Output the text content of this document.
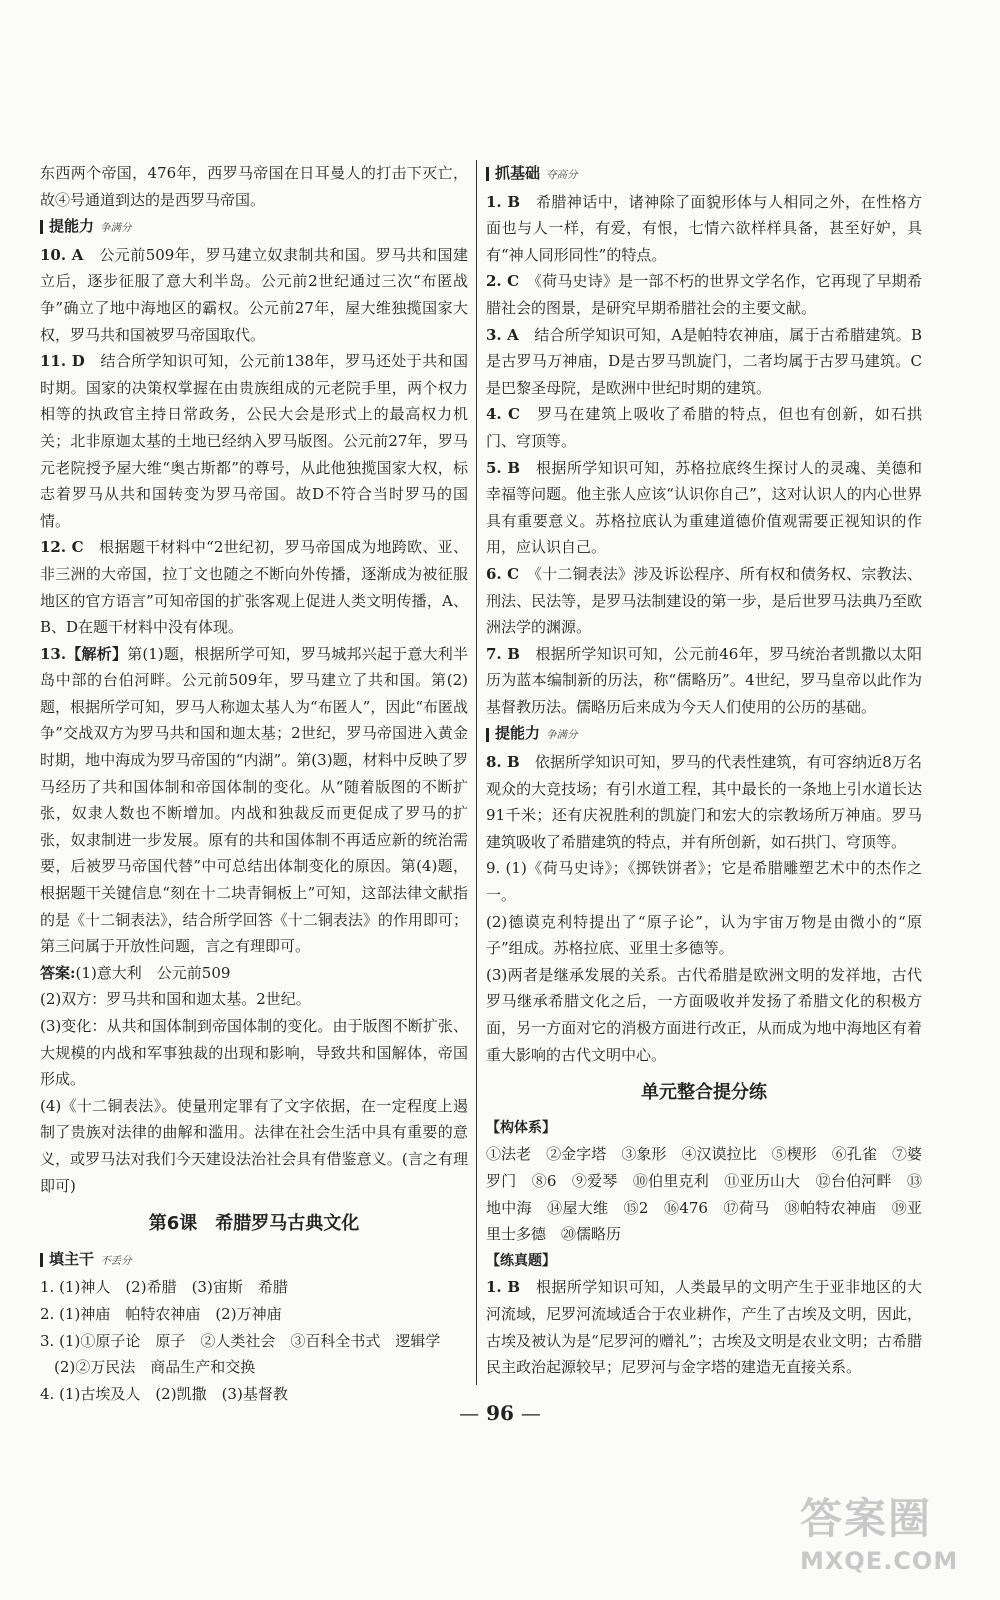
东西两个帝国，476年，西罗马帝国在日耳曼人的打击下灭亡，故④号通道到达的是西罗马帝国。

提能力 争满分

10. A　 公元前509年，罗马建立奴隶制共和国。罗马共和国建立后，逐步征服了意大利半岛。公元前2世纪通过三次“布匿战争”确立了地中海地区的霸权。公元前27年，屋大维独揽国家大权，罗马共和国被罗马帝国取代。

11. D　 结合所学知识可知，公元前138年，罗马还处于共和国时期。国家的决策权掌握在由贵族组成的元老院手里，两个权力相等的执政官主持日常政务，公民大会是形式上的最高权力机关；北非原迦太基的土地已经纳入罗马版图。公元前27年，罗马元老院授予屋大维“奥古斯都”的尊号，从此他独揽国家大权，标志着罗马从共和国转变为罗马帝国。故D不符合当时罗马的国情。

12. C　 根据题干材料中“2世纪初，罗马帝国成为地跨欧、亚、非三洲的大帝国，拉丁文也随之不断向外传播，逐渐成为被征服地区的官方语言”可知帝国的扩张客观上促进人类文明传播，A、B、D在题干材料中没有体现。

13.【解析】第(1)题，根据所学可知，罗马城邦兴起于意大利半岛中部的台伯河畔。公元前509年，罗马建立了共和国。第(2)题，根据所学可知，罗马人称迦太基人为“布匿人”，因此“布匿战争”交战双方为罗马共和国和迦太基；2世纪，罗马帝国进入黄金时期，地中海成为罗马帝国的“内湖”。第(3)题，材料中反映了罗马经历了共和国体制和帝国体制的变化。从“随着版图的不断扩张，奴隶人数也不断增加。内战和独裁反而更促成了罗马的扩张，奴隶制进一步发展。原有的共和国体制不再适应新的统治需要，后被罗马帝国代替”中可总结出体制变化的原因。第(4)题，根据题干关键信息“刻在十二块青铜板上”可知，这部法律文献指的是《十二铜表法》，结合所学回答《十二铜表法》的作用即可；第三问属于开放性问题，言之有理即可。

答案:(1)意大利　公元前509

(2)双方：罗马共和国和迦太基。2世纪。

(3)变化：从共和国体制到帝国体制的变化。由于版图不断扩张、大规模的内战和军事独裁的出现和影响，导致共和国解体，帝国形成。

(4)《十二铜表法》。使量刑定罪有了文字依据，在一定程度上遏制了贵族对法律的曲解和滥用。法律在社会生活中具有重要的意义，或罗马法对我们今天建设法治社会具有借鉴意义。(言之有理即可)

第6课　希腊罗马古典文化
填主干 不丢分

1. (1)神人　(2)希腊　(3)宙斯　希腊

2. (1)神庙　帕特农神庙　(2)万神庙

3. (1)①原子论　原子　②人类社会　③百科全书式　逻辑学

(2)②万民法　商品生产和交换

4. (1)古埃及人　(2)凯撒　(3)基督教

抓基础 夺高分

1. B　 希腊神话中，诸神除了面貌形体与人相同之外，在性格方面也与人一样，有爱，有恨，七情六欲样样具备，甚至好妒，具有“神人同形同性”的特点。

2. C　 《荷马史诗》是一部不朽的世界文学名作，它再现了早期希腊社会的图景，是研究早期希腊社会的主要文献。

3. A　 结合所学知识可知，A是帕特农神庙，属于古希腊建筑。B是古罗马万神庙，D是古罗马凯旋门，二者均属于古罗马建筑。C是巴黎圣母院，是欧洲中世纪时期的建筑。

4. C　 罗马在建筑上吸收了希腊的特点，但也有创新，如石拱门、穹顶等。

5. B　 根据所学知识可知，苏格拉底终生探讨人的灵魂、美德和幸福等问题。他主张人应该“认识你自己”，这对认识人的内心世界具有重要意义。苏格拉底认为重建道德价值观需要正视知识的作用，应认识自己。

6. C　 《十二铜表法》涉及诉讼程序、所有权和债务权、宗教法、刑法、民法等，是罗马法制建设的第一步，是后世罗马法典乃至欧洲法学的渊源。

7. B　 根据所学知识可知，公元前46年，罗马统治者凯撒以太阳历为蓝本编制新的历法，称“儒略历”。4世纪，罗马皇帝以此作为基督教历法。儒略历后来成为今天人们使用的公历的基础。

提能力 争满分

8. B　 依据所学知识可知，罗马的代表性建筑，有可容纳近8万名观众的大竞技场；有引水道工程，其中最长的一条地上引水道长达91千米；还有庆祝胜利的凯旋门和宏大的宗教场所万神庙。罗马建筑吸收了希腊建筑的特点，并有所创新，如石拱门、穹顶等。

9. (1)《荷马史诗》；《掷铁饼者》；它是希腊雕塑艺术中的杰作之一。

(2)德谟克利特提出了“原子论”，认为宇宙万物是由微小的“原子”组成。苏格拉底、亚里士多德等。

(3)两者是继承发展的关系。古代希腊是欧洲文明的发祥地，古代罗马继承希腊文化之后，一方面吸收并发扬了希腊文化的积极方面，另一方面对它的消极方面进行改正，从而成为地中海地区有着重大影响的古代文明中心。

单元整合提分练

【构体系】

①法老　②金字塔　③象形　④汉谟拉比　⑤楔形　⑥孔雀　⑦婆罗门　⑧6　⑨爱琴　⑩伯里克利　⑪亚历山大　⑫台伯河畔　⑬地中海　⑭屋大维　⑮2　⑯476　⑰荷马　⑱帕特农神庙　⑲亚里士多德　⑳儒略历

【练真题】

1. B　 根据所学知识可知，人类最早的文明产生于亚非地区的大河流域，尼罗河流域适合于农业耕作，产生了古埃及文明，因此，古埃及被认为是“尼罗河的赠礼”；古埃及文明是农业文明；古希腊民主政治起源较早；尼罗河与金字塔的建造无直接关系。

— 96 —
答案圈
MXQE.COM
